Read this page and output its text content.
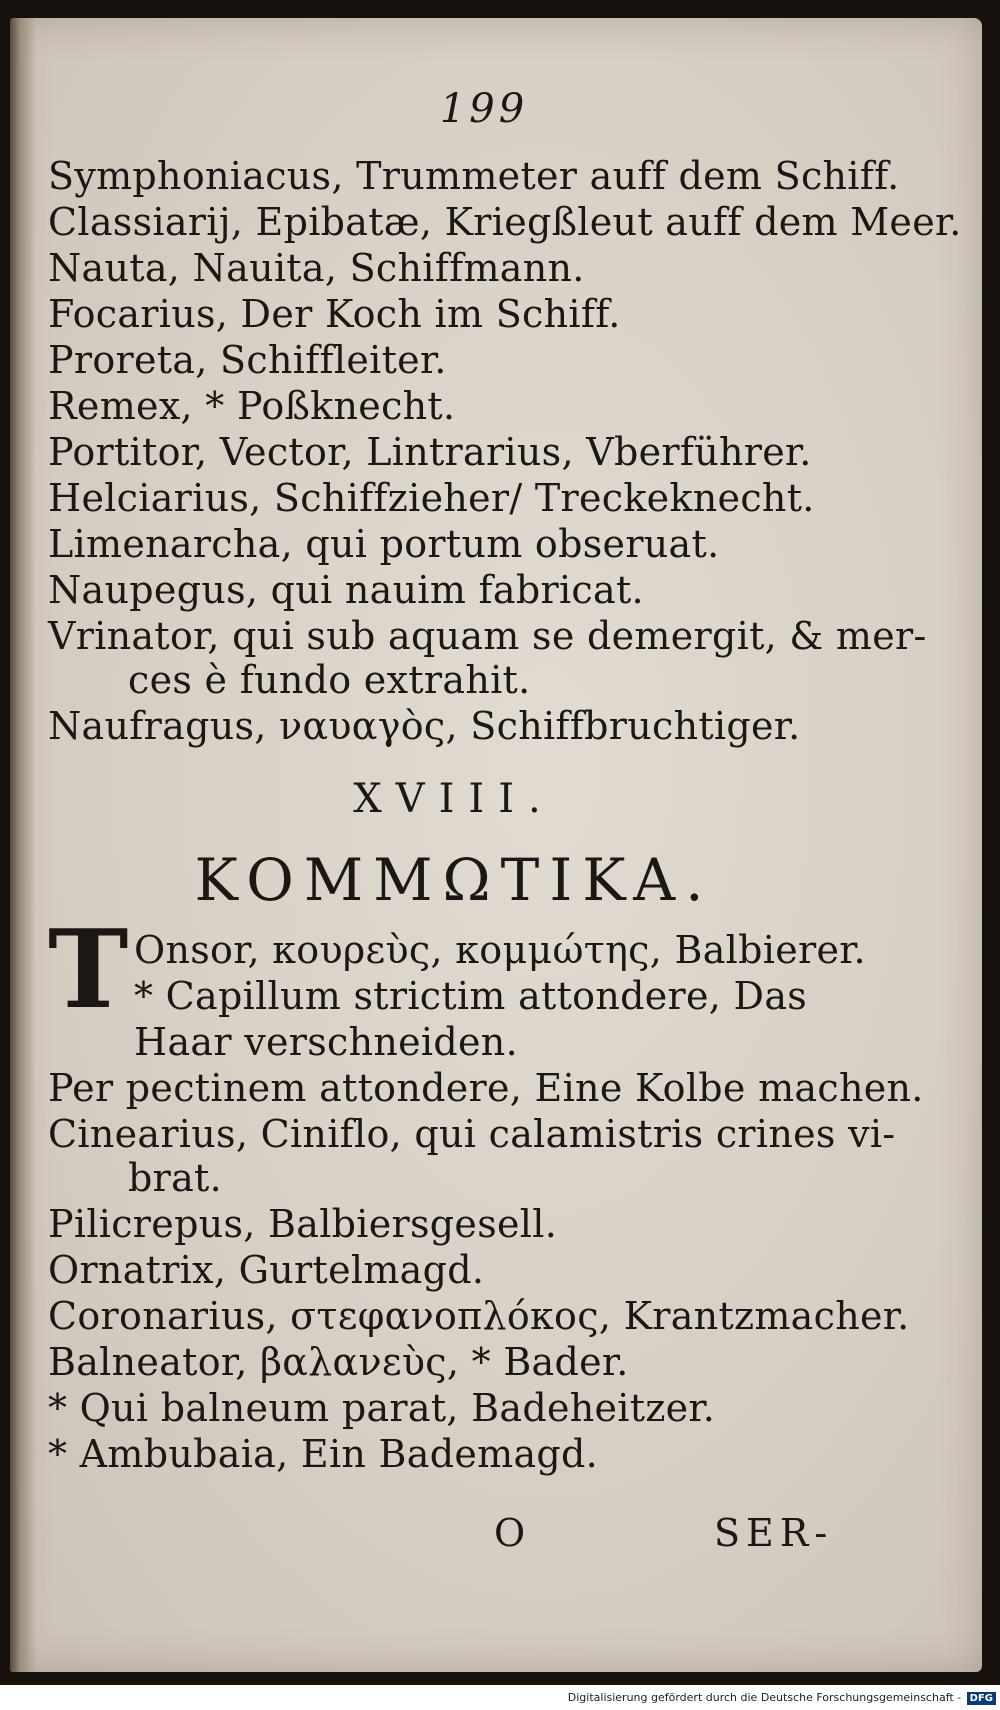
199
Symphoniacus, Trummeter auff dem Schiff.
Classiarij, Epibatæ, Kriegßleut auff dem Meer.
Nauta, Nauita, Schiffmann.
Focarius, Der Koch im Schiff.
Proreta, Schiffleiter.
Remex, * Poßknecht.
Portitor, Vector, Lintrarius, Vberführer.
Helciarius, Schiffzieher/ Treckeknecht.
Limenarcha, qui portum obseruat.
Naupegus, qui nauim fabricat.
Vrinator, qui sub aquam se demergit, & mer-
ces è fundo extrahit.
Naufragus, ναυαγὸς, Schiffbruchtiger.
XVIII.
KOMMΩTIKA.
T Onsor, κουρεὺς, κομμώτης, Balbierer.
* Capillum strictim attondere, Das
Haar verschneiden.
Per pectinem attondere, Eine Kolbe machen.
Cinearius, Ciniflo, qui calamistris crines vi-
brat.
Pilicrepus, Balbiersgesell.
Ornatrix, Gurtelmagd.
Coronarius, στεφανοπλόκος, Krantzmacher.
Balneator, βαλανεὺς, * Bader.
* Qui balneum parat, Badeheitzer.
* Ambubaia, Ein Bademagd.
O	SER-
Digitalisierung gefördert durch die Deutsche Forschungsgemeinschaft - DFG
